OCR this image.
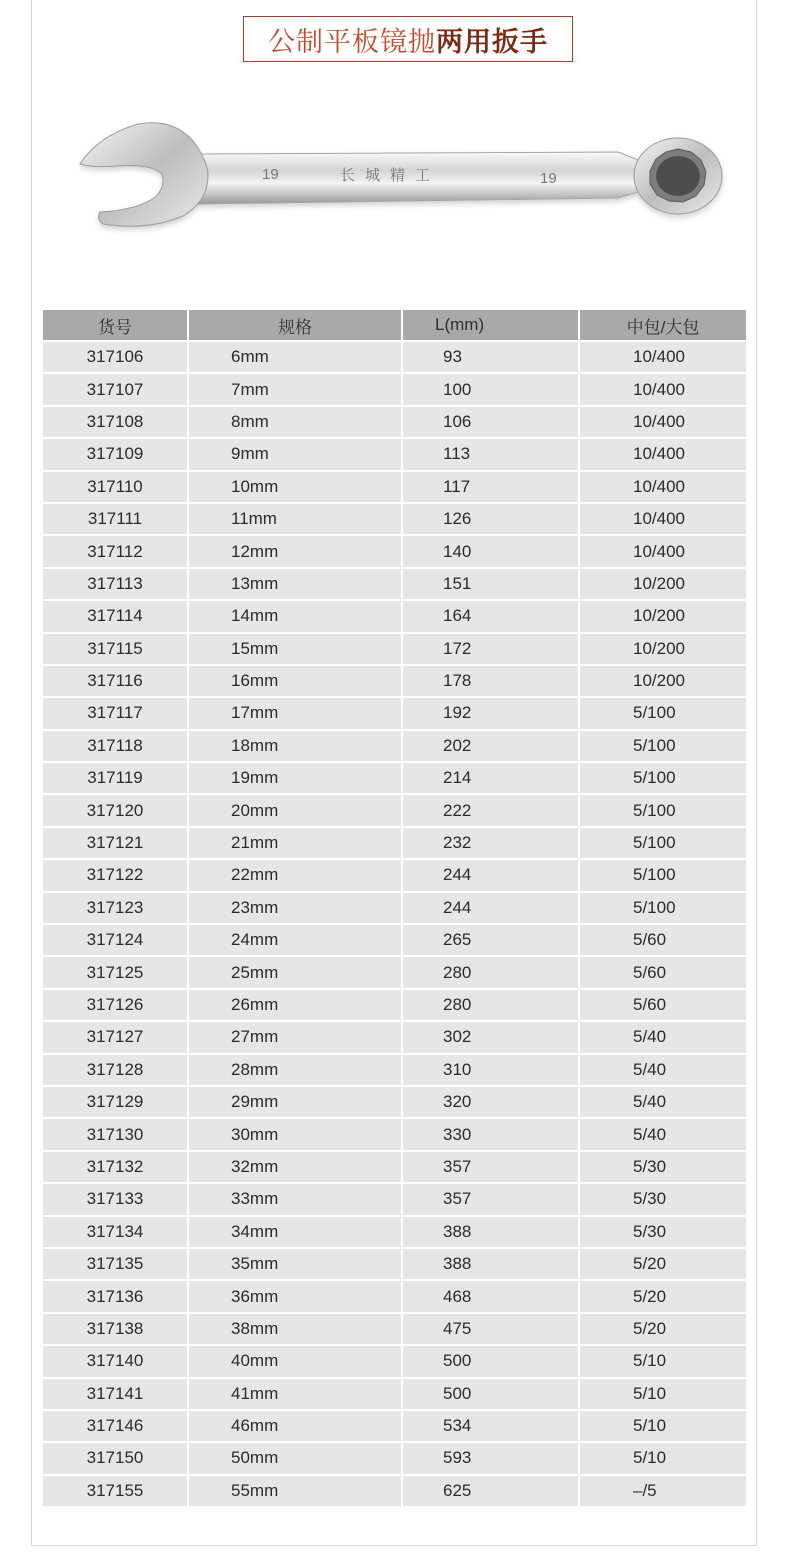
公制平板镜抛 两用扳手
19	长城精工	19
货号	规格	L(mm)	中包/大包
317106	6mm	93	10/400
317107	7mm	100	10/400
317108	8mm	106	10/400
317109	9mm	113	10/400
317110	10mm	117	10/400
317111	11mm	126	10/400
317112	12mm	140	10/400
317113	13mm	151	10/200
317114	14mm	164	10/200
317115	15mm	172	10/200
317116	16mm	178	10/200
317117	17mm	192	5/100
317118	18mm	202	5/100
317119	19mm	214	5/100
317120	20mm	222	5/100
317121	21mm	232	5/100
317122	22mm	244	5/100
317123	23mm	244	5/100
317124	24mm	265	5/60
317125	25mm	280	5/60
317126	26mm	280	5/60
317127	27mm	302	5/40
317128	28mm	310	5/40
317129	29mm	320	5/40
317130	30mm	330	5/40
317132	32mm	357	5/30
317133	33mm	357	5/30
317134	34mm	388	5/30
317135	35mm	388	5/20
317136	36mm	468	5/20
317138	38mm	475	5/20
317140	40mm	500	5/10
317141	41mm	500	5/10
317146	46mm	534	5/10
317150	50mm	593	5/10
317155	55mm	625	–/5
